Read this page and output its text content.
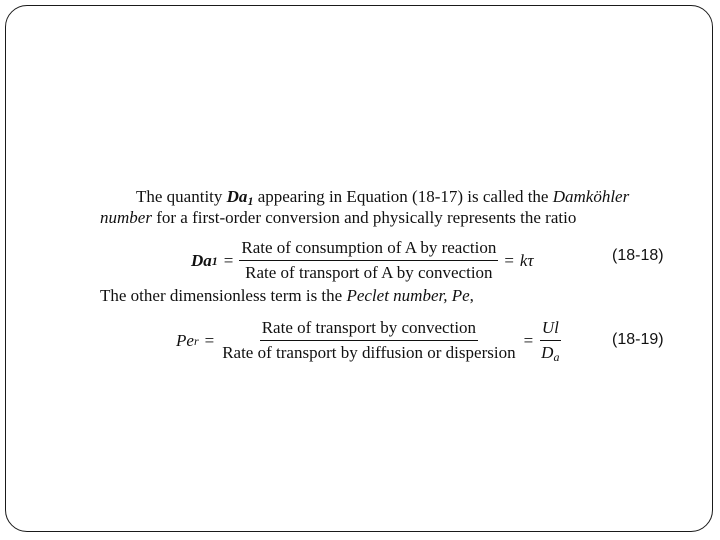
The quantity $Da_1$ appearing in Equation (18-17) is called the Damköhler
number for a first-order conversion and physically represents the ratio
Da $1 = \frac{\text{Rate of consumption of A by reaction}}{\text{Rate of transport of A by convection}} = k\tau$	(18-18)
The other dimensionless term is the Peclet number, Pe,
Pe $r = \frac{\text{Rate of transport by convection}}{\text{Rate of transport by diffusion or dispersion}} = \frac{Ul}{D_a}$	(18-19)
